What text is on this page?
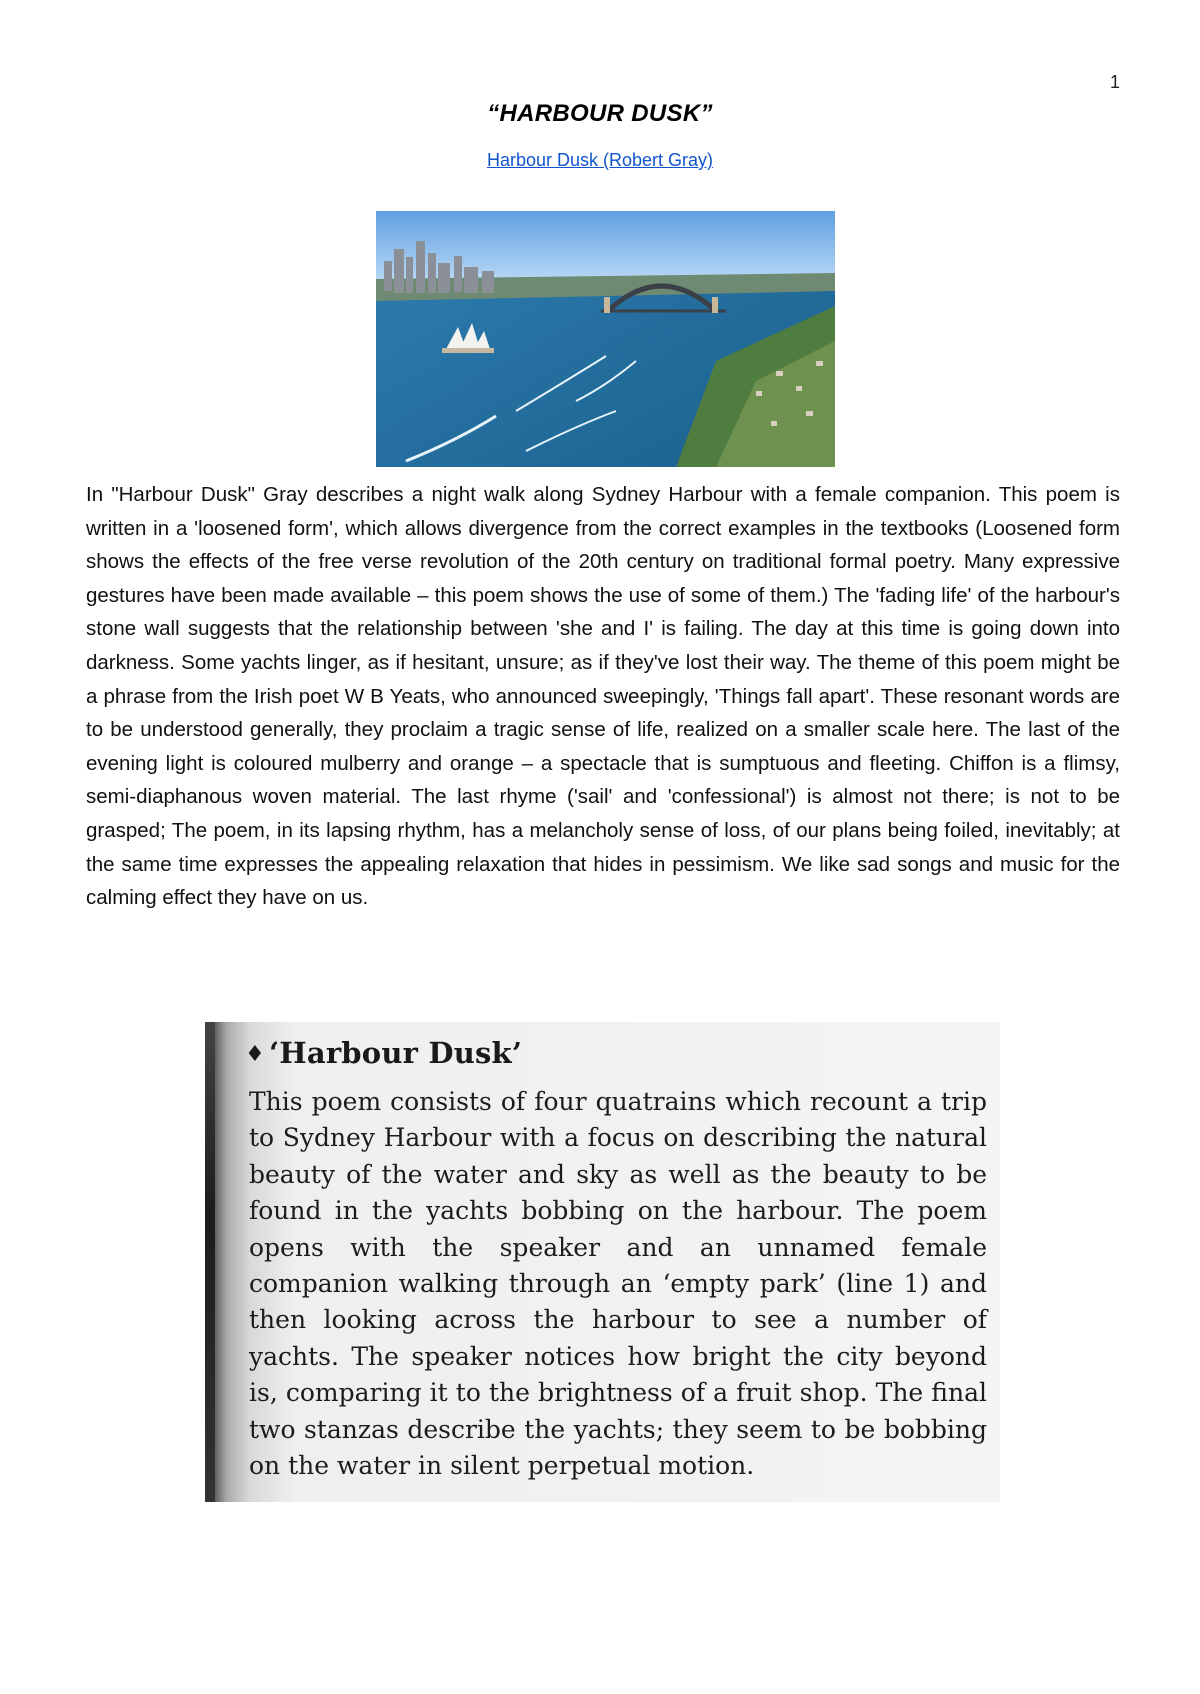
1
“HARBOUR DUSK”
Harbour Dusk (Robert Gray)

In "Harbour Dusk" Gray describes a night walk along Sydney Harbour with a female companion. This poem is written in a 'loosened form', which allows divergence from the correct examples in the textbooks (Loosened form shows the effects of the free verse revolution of the 20th century on traditional formal poetry. Many expressive gestures have been made available – this poem shows the use of some of them.) The 'fading life' of the harbour's stone wall suggests that the relationship between 'she and I' is failing. The day at this time is going down into darkness. Some yachts linger, as if hesitant, unsure; as if they've lost their way. The theme of this poem might be a phrase from the Irish poet W B Yeats, who announced sweepingly, 'Things fall apart'. These resonant words are to be understood generally, they proclaim a tragic sense of life, realized on a smaller scale here. The last of the evening light is coloured mulberry and orange – a spectacle that is sumptuous and fleeting. Chiffon is a flimsy, semi-diaphanous woven material. The last rhyme ('sail' and 'confessional') is almost not there; is not to be grasped; The poem, in its lapsing rhythm, has a melancholy sense of loss, of our plans being foiled, inevitably; at the same time expresses the appealing relaxation that hides in pessimism. We like sad songs and music for the calming effect they have on us.

♦ ‘Harbour Dusk’

This poem consists of four quatrains which recount a trip to Sydney Harbour with a focus on describing the natural beauty of the water and sky as well as the beauty to be found in the yachts bobbing on the harbour. The poem opens with the speaker and an unnamed female companion walking through an ‘empty park’ (line 1) and then looking across the harbour to see a number of yachts. The speaker notices how bright the city beyond is, comparing it to the brightness of a fruit shop. The final two stanzas describe the yachts; they seem to be bobbing on the water in silent perpetual motion.
